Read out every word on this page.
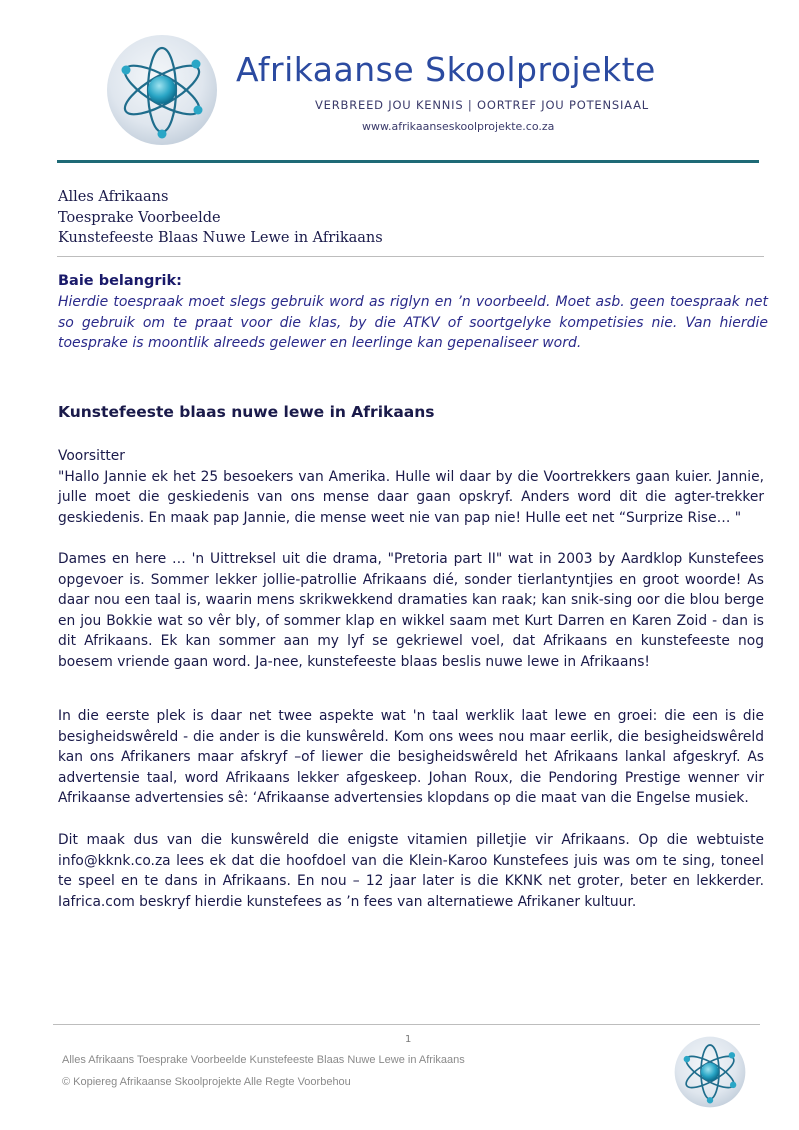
Afrikaanse Skoolprojekte
VERBREED JOU KENNIS | OORTREF JOU POTENSIAAL
www.afrikaanseskoolprojekte.co.za
Alles Afrikaans
Toesprake Voorbeelde
Kunstefeeste Blaas Nuwe Lewe in Afrikaans
Baie belangrik:
Hierdie toespraak moet slegs gebruik word as riglyn en ’n voorbeeld. Moet asb. geen toespraak net so gebruik om te praat voor die klas, by die ATKV of soortgelyke kompetisies nie. Van hierdie toesprake is moontlik alreeds gelewer en leerlinge kan gepenaliseer word.
Kunstefeeste blaas nuwe lewe in Afrikaans
Voorsitter
"Hallo Jannie ek het 25 besoekers van Amerika. Hulle wil daar by die Voortrekkers gaan kuier. Jannie, julle moet die geskiedenis van ons mense daar gaan opskryf. Anders word dit die agter-trekker geskiedenis. En maak pap Jannie, die mense weet nie van pap nie! Hulle eet net “Surprize Rise… "
Dames en here … 'n Uittreksel uit die drama, "Pretoria part II" wat in 2003 by Aardklop Kunstefees opgevoer is. Sommer lekker jollie-patrollie Afrikaans dié, sonder tierlantyntjies en groot woorde! As daar nou een taal is, waarin mens skrikwekkend dramaties kan raak; kan snik-sing oor die blou berge en jou Bokkie wat so vêr bly, of sommer klap en wikkel saam met Kurt Darren en Karen Zoid - dan is dit Afrikaans. Ek kan sommer aan my lyf se gekriewel voel, dat Afrikaans en kunstefeeste nog boesem vriende gaan word. Ja-nee, kunstefeeste blaas beslis nuwe lewe in Afrikaans!
In die eerste plek is daar net twee aspekte wat 'n taal werklik laat lewe en groei: die een is die besigheidswêreld - die ander is die kunswêreld. Kom ons wees nou maar eerlik, die besigheidswêreld kan ons Afrikaners maar afskryf –of liewer die besigheidswêreld het Afrikaans lankal afgeskryf. As advertensie taal, word Afrikaans lekker afgeskeep. Johan Roux, die Pendoring Prestige wenner vir Afrikaanse advertensies sê: ‘Afrikaanse advertensies klopdans op die maat van die Engelse musiek.
Dit maak dus van die kunswêreld die enigste vitamien pilletjie vir Afrikaans. Op die webtuiste info@kknk.co.za lees ek dat die hoofdoel van die Klein-Karoo Kunstefees juis was om te sing, toneel te speel en te dans in Afrikaans. En nou – 12 jaar later is die KKNK net groter, beter en lekkerder. Iafrica.com beskryf hierdie kunstefees as ’n fees van alternatiewe Afrikaner kultuur.
1
Alles Afrikaans Toesprake Voorbeelde Kunstefeeste Blaas Nuwe Lewe in Afrikaans
© Kopiereg Afrikaanse Skoolprojekte Alle Regte Voorbehou
